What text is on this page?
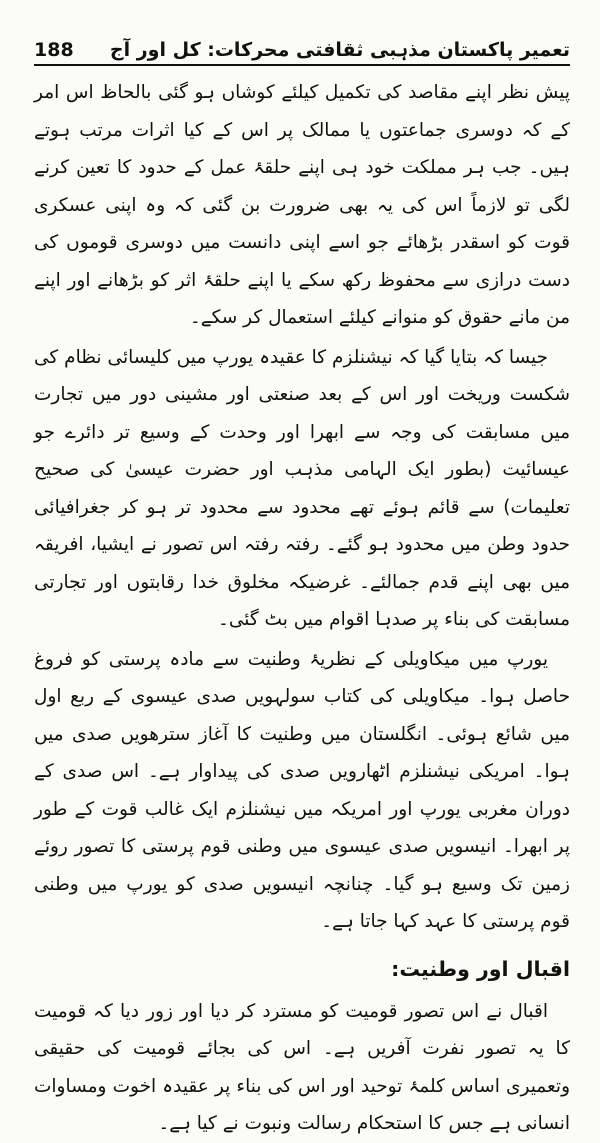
188 تعمیر پاکستان مذہبی ثقافتی محرکات: کل اور آج

پیش نظر اپنے مقاصد کی تکمیل کیلئے کوشاں ہو گئی بالحاظ اس امر کے کہ دوسری جماعتوں یا ممالک پر اس کے کیا اثرات مرتب ہوتے ہیں۔ جب ہر مملکت خود ہی اپنے حلقۂ عمل کے حدود کا تعین کرنے لگی تو لازماً اس کی یہ بھی ضرورت بن گئی کہ وہ اپنی عسکری قوت کو اسقدر بڑھائے جو اسے اپنی دانست میں دوسری قوموں کی دست درازی سے محفوظ رکھ سکے یا اپنے حلقۂ اثر کو بڑھانے اور اپنے من مانے حقوق کو منوانے کیلئے استعمال کر سکے۔

جیسا کہ بتایا گیا کہ نیشنلزم کا عقیدہ یورپ میں کلیسائی نظام کی شکست وریخت اور اس کے بعد صنعتی اور مشینی دور میں تجارت میں مسابقت کی وجہ سے ابھرا اور وحدت کے وسیع تر دائرے جو عیسائیت (بطور ایک الہامی مذہب اور حضرت عیسیٰ کی صحیح تعلیمات) سے قائم ہوئے تھے محدود سے محدود تر ہو کر جغرافیائی حدود وطن میں محدود ہو گئے۔ رفتہ رفتہ اس تصور نے ایشیا، افریقہ میں بھی اپنے قدم جمالئے۔ غرضیکہ مخلوق خدا رقابتوں اور تجارتی مسابقت کی بناء پر صدہا اقوام میں بٹ گئی۔

یورپ میں میکاویلی کے نظریۂ وطنیت سے مادہ پرستی کو فروغ حاصل ہوا۔ میکاویلی کی کتاب سولہویں صدی عیسوی کے ربع اول میں شائع ہوئی۔ انگلستان میں وطنیت کا آغاز سترھویں صدی میں ہوا۔ امریکی نیشنلزم اٹھارویں صدی کی پیداوار ہے۔ اس صدی کے دوران مغربی یورپ اور امریکہ میں نیشنلزم ایک غالب قوت کے طور پر ابھرا۔ انیسویں صدی عیسوی میں وطنی قوم پرستی کا تصور روئے زمین تک وسیع ہو گیا۔ چنانچہ انیسویں صدی کو یورپ میں وطنی قوم پرستی کا عہد کہا جاتا ہے۔

اقبال اور وطنیت:

اقبال نے اس تصور قومیت کو مسترد کر دیا اور زور دیا کہ قومیت کا یہ تصور نفرت آفریں ہے۔ اس کی بجائے قومیت کی حقیقی وتعمیری اساس کلمۂ توحید اور اس کی بناء پر عقیدہ اخوت ومساوات انسانی ہے جس کا استحکام رسالت ونبوت نے کیا ہے۔
